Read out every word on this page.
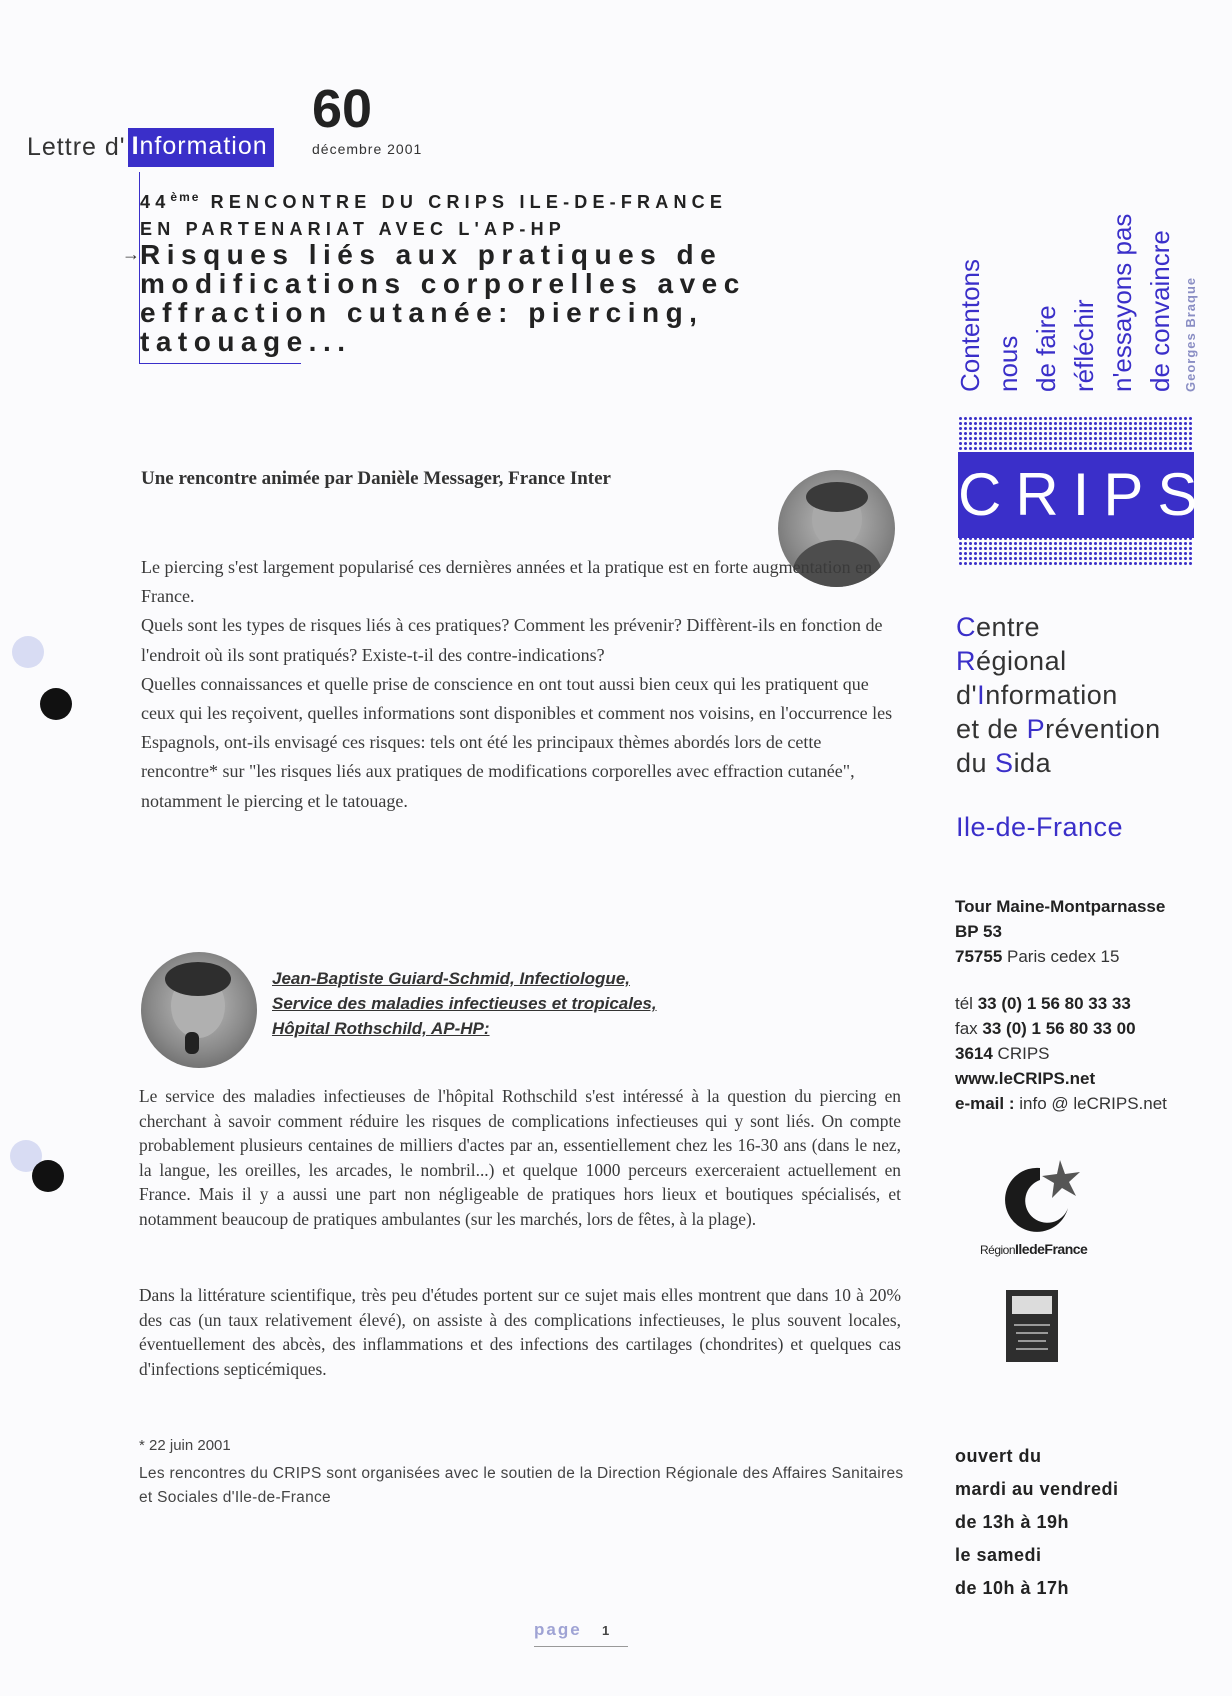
Lettre d' Information
60
décembre 2001
44ème RENCONTRE DU CRIPS ILE-DE-FRANCE
EN PARTENARIAT AVEC L'AP-HP
→ Risques liés aux pratiques de modifications corporelles avec effraction cutanée: piercing, tatouage...
Une rencontre animée par Danièle Messager, France Inter

Le piercing s'est largement popularisé ces dernières années et la pratique est en forte augmentation en France.

Quels sont les types de risques liés à ces pratiques? Comment les prévenir? Diffèrent-ils en fonction de l'endroit où ils sont pratiqués? Existe-t-il des contre-indications?

Quelles connaissances et quelle prise de conscience en ont tout aussi bien ceux qui les pratiquent que ceux qui les reçoivent, quelles informations sont disponibles et comment nos voisins, en l'occurrence les Espagnols, ont-ils envisagé ces risques: tels ont été les principaux thèmes abordés lors de cette rencontre* sur "les risques liés aux pratiques de modifications corporelles avec effraction cutanée", notamment le piercing et le tatouage.

Jean-Baptiste Guiard-Schmid, Infectiologue,
Service des maladies infectieuses et tropicales,
Hôpital Rothschild, AP-HP:

Le service des maladies infectieuses de l'hôpital Rothschild s'est intéressé à la question du piercing en cherchant à savoir comment réduire les risques de complications infectieuses qui y sont liés. On compte probablement plusieurs centaines de milliers d'actes par an, essentiellement chez les 16-30 ans (dans le nez, la langue, les oreilles, les arcades, le nombril...) et quelque 1000 perceurs exerceraient actuellement en France. Mais il y a aussi une part non négligeable de pratiques hors lieux et boutiques spécialisés, et notamment beaucoup de pratiques ambulantes (sur les marchés, lors de fêtes, à la plage).

Dans la littérature scientifique, très peu d'études portent sur ce sujet mais elles montrent que dans 10 à 20% des cas (un taux relativement élevé), on assiste à des complications infectieuses, le plus souvent locales, éventuellement des abcès, des inflammations et des infections des cartilages (chondrites) et quelques cas d'infections septicémiques.

* 22 juin 2001
Les rencontres du CRIPS sont organisées avec le soutien de la Direction Régionale des Affaires Sanitaires et Sociales d'Ile-de-France
page 1
Contentons nous de faire réfléchir n'essayons pas de convaincre Georges Braque
CRIPS
Centre
Régional
d'Information
et de Prévention
du Sida
Ile-de-France
Tour Maine-Montparnasse
BP 53
75755 Paris cedex 15
tél 33 (0) 1 56 80 33 33
fax 33 (0) 1 56 80 33 00
3614 CRIPS
www.leCRIPS.net
e-mail : info @ leCRIPS.net
RégionIledeFrance
ouvert du
mardi au vendredi
de 13h à 19h
le samedi
de 10h à 17h
